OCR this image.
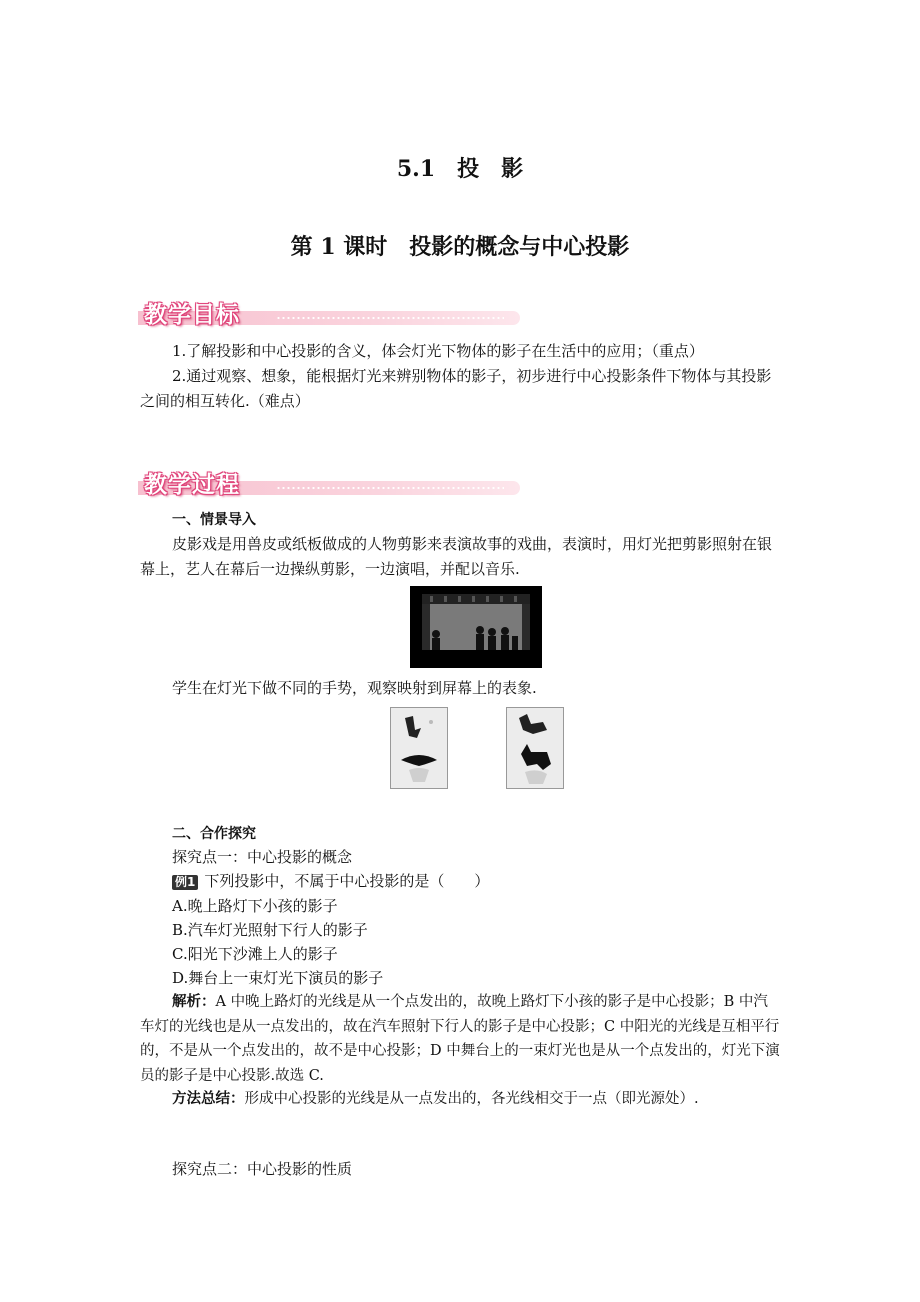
5.1　投　影
第 1 课时　投影的概念与中心投影
教学目标
1.了解投影和中心投影的含义，体会灯光下物体的影子在生活中的应用；（重点）
2.通过观察、想象，能根据灯光来辨别物体的影子，初步进行中心投影条件下物体与其投影之间的相互转化.（难点）
教学过程
一、情景导入
皮影戏是用兽皮或纸板做成的人物剪影来表演故事的戏曲，表演时，用灯光把剪影照射在银幕上，艺人在幕后一边操纵剪影，一边演唱，并配以音乐.
学生在灯光下做不同的手势，观察映射到屏幕上的表象.
二、合作探究
探究点一：中心投影的概念
例1 下列投影中，不属于中心投影的是（　　）
A.晚上路灯下小孩的影子
B.汽车灯光照射下行人的影子
C.阳光下沙滩上人的影子
D.舞台上一束灯光下演员的影子
解析：A 中晚上路灯的光线是从一个点发出的，故晚上路灯下小孩的影子是中心投影；B 中汽车灯的光线也是从一点发出的，故在汽车照射下行人的影子是中心投影；C 中阳光的光线是互相平行的，不是从一个点发出的，故不是中心投影；D 中舞台上的一束灯光也是从一个点发出的，灯光下演员的影子是中心投影.故选 C.
方法总结：形成中心投影的光线是从一点发出的，各光线相交于一点（即光源处）.
探究点二：中心投影的性质
